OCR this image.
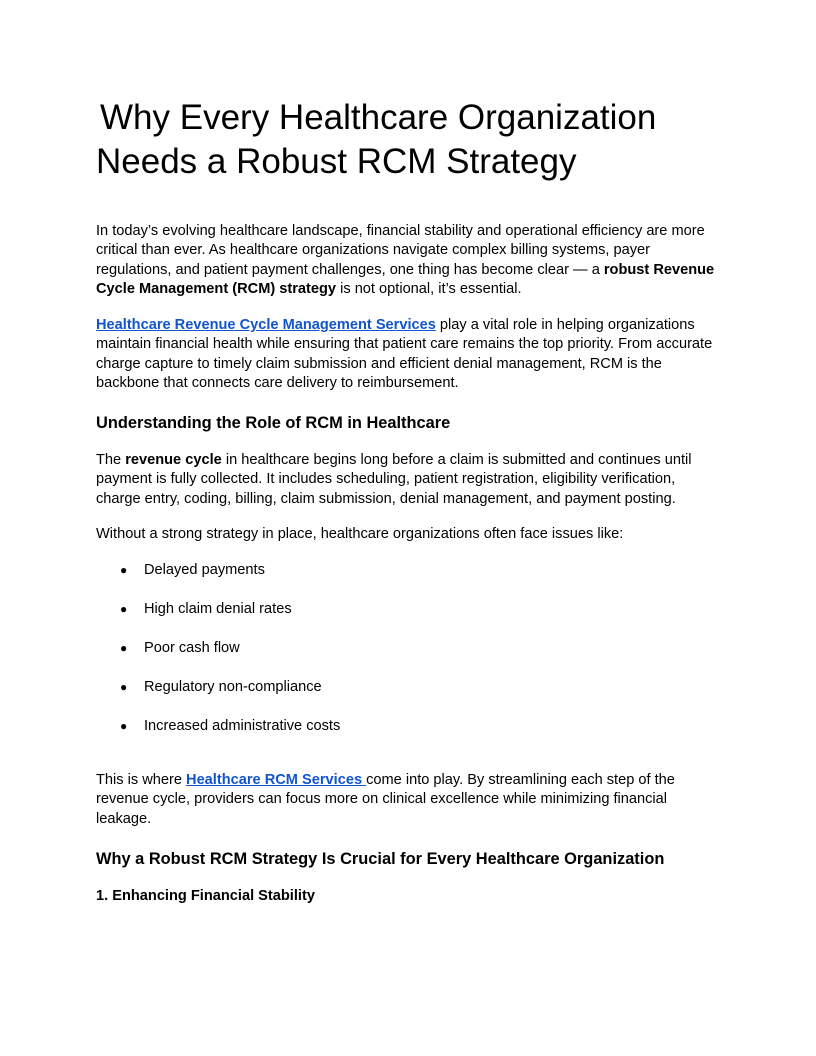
Why Every Healthcare Organization
Needs a Robust RCM Strategy

In today’s evolving healthcare landscape, financial stability and operational efficiency are more critical than ever. As healthcare organizations navigate complex billing systems, payer regulations, and patient payment challenges, one thing has become clear — a robust Revenue Cycle Management (RCM) strategy is not optional, it’s essential.

Healthcare Revenue Cycle Management Services play a vital role in helping organizations maintain financial health while ensuring that patient care remains the top priority. From accurate charge capture to timely claim submission and efficient denial management, RCM is the backbone that connects care delivery to reimbursement.

Understanding the Role of RCM in Healthcare

The revenue cycle in healthcare begins long before a claim is submitted and continues until payment is fully collected. It includes scheduling, patient registration, eligibility verification, charge entry, coding, billing, claim submission, denial management, and payment posting.

Without a strong strategy in place, healthcare organizations often face issues like:

● Delayed payments
● High claim denial rates
● Poor cash flow
● Regulatory non-compliance
● Increased administrative costs

This is where Healthcare RCM Services come into play. By streamlining each step of the revenue cycle, providers can focus more on clinical excellence while minimizing financial leakage.

Why a Robust RCM Strategy Is Crucial for Every Healthcare Organization
1. Enhancing Financial Stability
